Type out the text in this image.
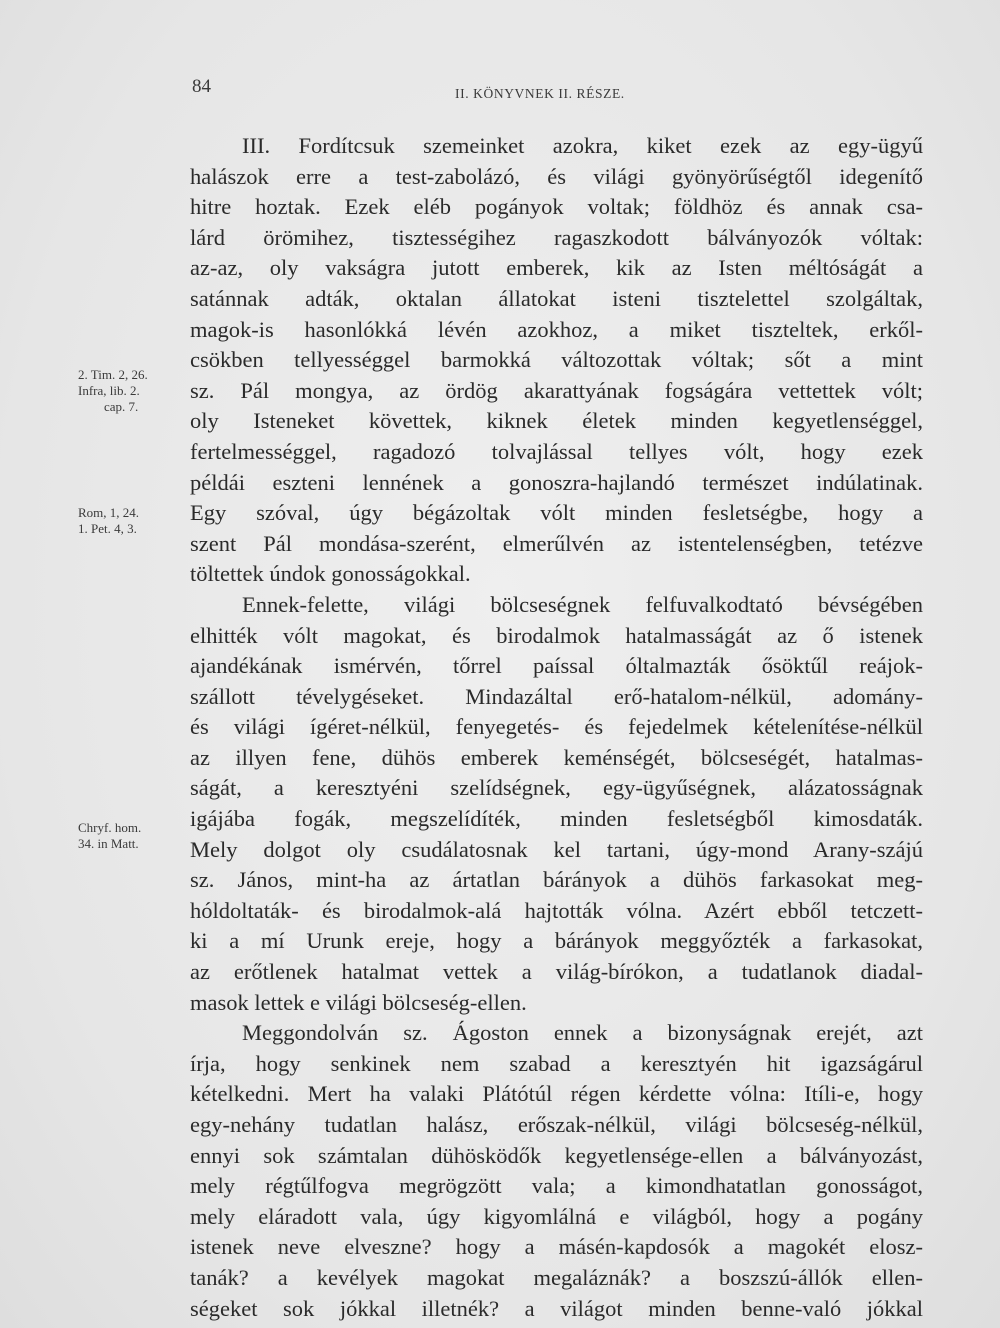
84	II. KÖNYVNEK II. RÉSZE.
2. Tim. 2, 26.
Infra, lib. 2.
cap. 7.
Rom, 1, 24.
1. Pet. 4, 3.
Chryf. hom.
34. in Matt.
III. Fordítcsuk szemeinket azokra, kiket ezek az egy-ügyű
halászok erre a test-zabolázó, és világi gyönyörűségtől idegenítő
hitre hoztak. Ezek eléb pogányok voltak; földhöz és annak csa-
lárd örömihez, tisztességihez ragaszkodott bálványozók vóltak:
az-az, oly vakságra jutott emberek, kik az Isten méltóságát a
satánnak adták, oktalan állatokat isteni tisztelettel szolgáltak,
magok-is hasonlókká lévén azokhoz, a miket tiszteltek, erkől-
csökben tellyességgel barmokká változottak vóltak; sőt a mint
sz. Pál mongya, az ördög akarattyának fogságára vettettek vólt;
oly Isteneket követtek, kiknek életek minden kegyetlenséggel,
fertelmességgel, ragadozó tolvajlással tellyes vólt, hogy ezek
példái eszteni lennének a gonoszra-hajlandó természet indúlatinak.
Egy szóval, úgy bégázoltak vólt minden fesletségbe, hogy a
szent Pál mondása-szerént, elmerűlvén az istentelenségben, tetézve
töltettek úndok gonosságokkal.
Ennek-felette, világi bölcseségnek felfuvalkodtató bévségében
elhitték vólt magokat, és birodalmok hatalmasságát az ő istenek
ajandékának ismérvén, tőrrel paíssal óltalmazták ősöktűl reájok-
szállott tévelygéseket. Mindazáltal erő-hatalom-nélkül, adomány-
és világi ígéret-nélkül, fenyegetés- és fejedelmek kételenítése-nélkül
az illyen fene, dühös emberek keménségét, bölcseségét, hatalmas-
ságát, a keresztyéni szelídségnek, egy-ügyűségnek, alázatosságnak
igájába fogák, megszelídíték, minden fesletségből kimosdaták.
Mely dolgot oly csudálatosnak kel tartani, úgy-mond Arany-szájú
sz. János, mint-ha az ártatlan bárányok a dühös farkasokat meg-
hóldoltaták- és birodalmok-alá hajtották vólna. Azért ebből tetczett-
ki a mí Urunk ereje, hogy a bárányok meggyőzték a farkasokat,
az erőtlenek hatalmat vettek a világ-bírókon, a tudatlanok diadal-
masok lettek e világi bölcseség-ellen.
Meggondolván sz. Ágoston ennek a bizonyságnak erejét, azt
írja, hogy senkinek nem szabad a keresztyén hit igazságárul
kételkedni. Mert ha valaki Plátótúl régen kérdette vólna: Itíli-e, hogy
egy-nehány tudatlan halász, erőszak-nélkül, világi bölcseség-nélkül,
ennyi sok számtalan dühösködők kegyetlensége-ellen a bálványozást,
mely régtűlfogva megrögzött vala; a kimondhatatlan gonosságot,
mely eláradott vala, úgy kigyomlálná e világból, hogy a pogány
istenek neve elveszne? hogy a másén-kapdosók a magokét elosz-
tanák? a kevélyek magokat megaláznák? a boszszú-állók ellen-
ségeket sok jókkal illetnék? a világot minden benne-való jókkal
